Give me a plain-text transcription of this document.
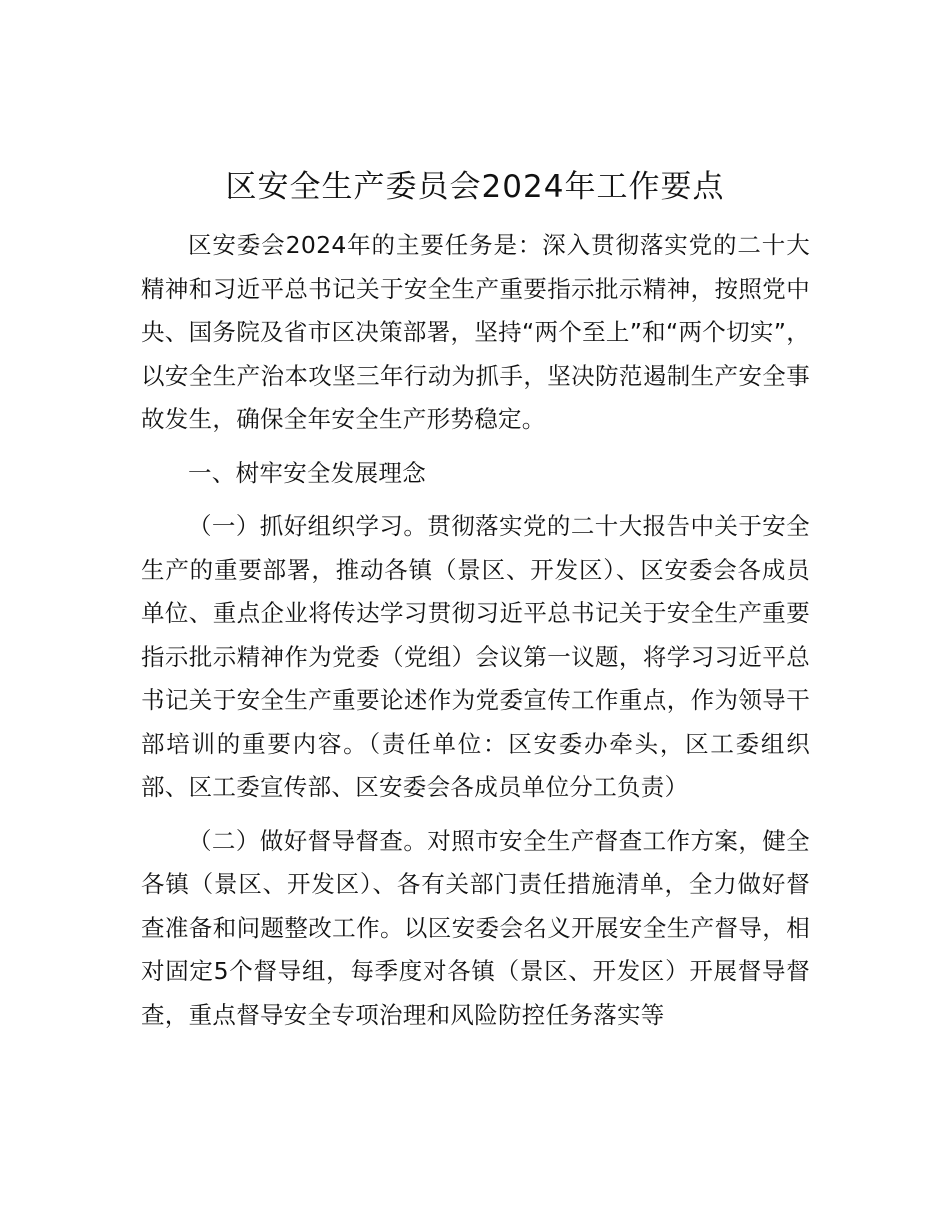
区安全生产委员会2024年工作要点

区安委会2024年的主要任务是：深入贯彻落实党的二十大精神和习近平总书记关于安全生产重要指示批示精神，按照党中央、国务院及省市区决策部署，坚持“两个至上”和“两个切实”，以安全生产治本攻坚三年行动为抓手，坚决防范遏制生产安全事故发生，确保全年安全生产形势稳定。

一、树牢安全发展理念

（一）抓好组织学习。贯彻落实党的二十大报告中关于安全生产的重要部署，推动各镇（景区、开发区）、区安委会各成员单位、重点企业将传达学习贯彻习近平总书记关于安全生产重要指示批示精神作为党委（党组）会议第一议题，将学习习近平总书记关于安全生产重要论述作为党委宣传工作重点，作为领导干部培训的重要内容。（责任单位：区安委办牵头，区工委组织部、区工委宣传部、区安委会各成员单位分工负责）

（二）做好督导督查。对照市安全生产督查工作方案，健全各镇（景区、开发区）、各有关部门责任措施清单，全力做好督查准备和问题整改工作。以区安委会名义开展安全生产督导，相对固定5个督导组，每季度对各镇（景区、开发区）开展督导督查，重点督导安全专项治理和风险防控任务落实等
